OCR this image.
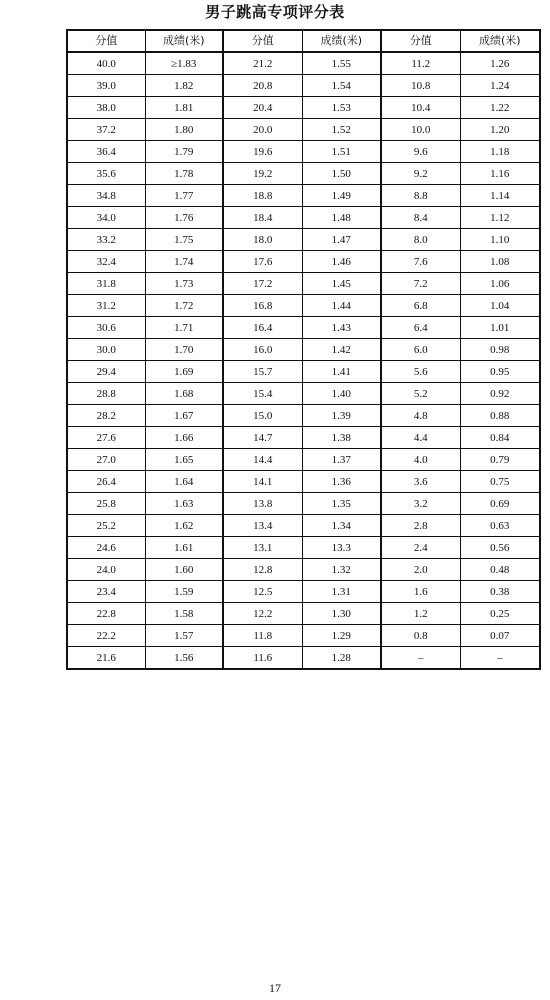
男子跳高专项评分表
分值	成绩(米)	分值	成绩(米)	分值	成绩(米)
40.0	≥1.83	21.2	1.55	11.2	1.26
39.0	1.82	20.8	1.54	10.8	1.24
38.0	1.81	20.4	1.53	10.4	1.22
37.2	1.80	20.0	1.52	10.0	1.20
36.4	1.79	19.6	1.51	9.6	1.18
35.6	1.78	19.2	1.50	9.2	1.16
34.8	1.77	18.8	1.49	8.8	1.14
34.0	1.76	18.4	1.48	8.4	1.12
33.2	1.75	18.0	1.47	8.0	1.10
32.4	1.74	17.6	1.46	7.6	1.08
31.8	1.73	17.2	1.45	7.2	1.06
31.2	1.72	16.8	1.44	6.8	1.04
30.6	1.71	16.4	1.43	6.4	1.01
30.0	1.70	16.0	1.42	6.0	0.98
29.4	1.69	15.7	1.41	5.6	0.95
28.8	1.68	15.4	1.40	5.2	0.92
28.2	1.67	15.0	1.39	4.8	0.88
27.6	1.66	14.7	1.38	4.4	0.84
27.0	1.65	14.4	1.37	4.0	0.79
26.4	1.64	14.1	1.36	3.6	0.75
25.8	1.63	13.8	1.35	3.2	0.69
25.2	1.62	13.4	1.34	2.8	0.63
24.6	1.61	13.1	13.3	2.4	0.56
24.0	1.60	12.8	1.32	2.0	0.48
23.4	1.59	12.5	1.31	1.6	0.38
22.8	1.58	12.2	1.30	1.2	0.25
22.2	1.57	11.8	1.29	0.8	0.07
21.6	1.56	11.6	1.28	–	–
17
